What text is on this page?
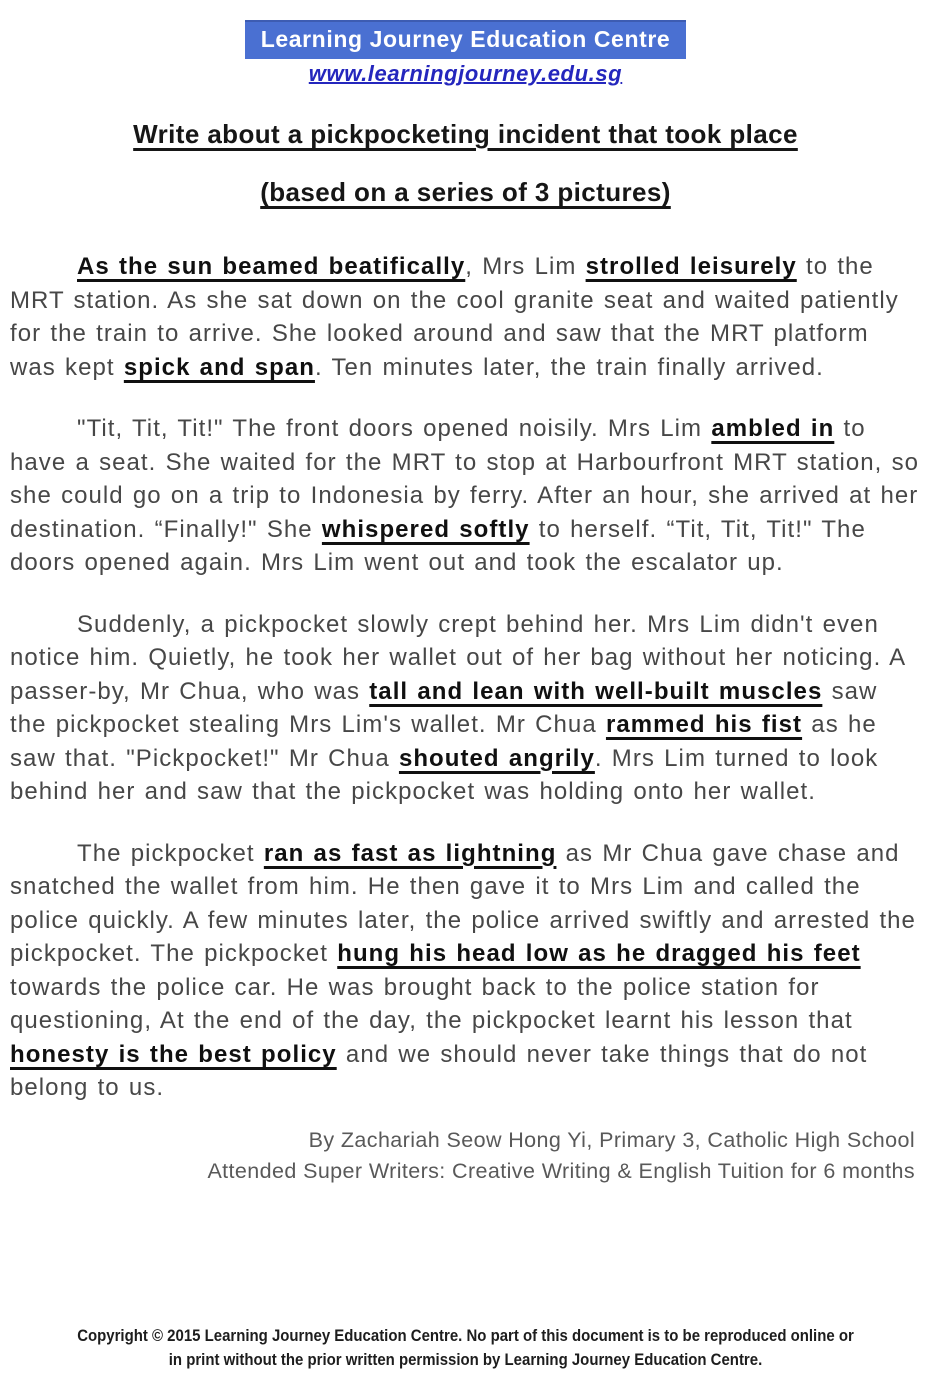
Learning Journey Education Centre
www.learningjourney.edu.sg
Write about a pickpocketing incident that took place
(based on a series of 3 pictures)

As the sun beamed beatifically, Mrs Lim strolled leisurely to the MRT station. As she sat down on the cool granite seat and waited patiently for the train to arrive. She looked around and saw that the MRT platform was kept spick and span. Ten minutes later, the train finally arrived.

"Tit, Tit, Tit!" The front doors opened noisily. Mrs Lim ambled in to have a seat. She waited for the MRT to stop at Harbourfront MRT station, so she could go on a trip to Indonesia by ferry. After an hour, she arrived at her destination. “Finally!" She whispered softly to herself. “Tit, Tit, Tit!" The doors opened again. Mrs Lim went out and took the escalator up.

Suddenly, a pickpocket slowly crept behind her. Mrs Lim didn't even notice him. Quietly, he took her wallet out of her bag without her noticing. A passer-by, Mr Chua, who was tall and lean with well-built muscles saw the pickpocket stealing Mrs Lim's wallet. Mr Chua rammed his fist as he saw that. "Pickpocket!" Mr Chua shouted angrily. Mrs Lim turned to look behind her and saw that the pickpocket was holding onto her wallet.

The pickpocket ran as fast as lightning as Mr Chua gave chase and snatched the wallet from him. He then gave it to Mrs Lim and called the police quickly. A few minutes later, the police arrived swiftly and arrested the pickpocket. The pickpocket hung his head low as he dragged his feet towards the police car. He was brought back to the police station for questioning, At the end of the day, the pickpocket learnt his lesson that honesty is the best policy and we should never take things that do not belong to us.

By Zachariah Seow Hong Yi, Primary 3, Catholic High School
Attended Super Writers: Creative Writing & English Tuition for 6 months
Copyright © 2015 Learning Journey Education Centre. No part of this document is to be reproduced online or
in print without the prior written permission by Learning Journey Education Centre.
